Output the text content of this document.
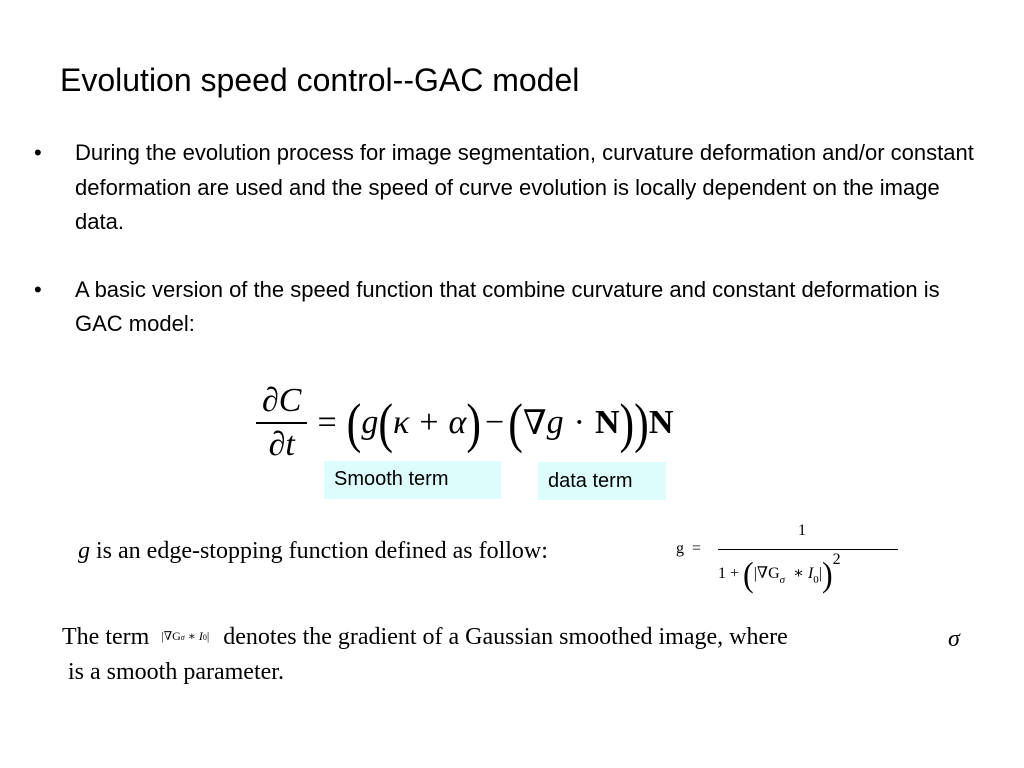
Evolution speed control--GAC model
• During the evolution process for image segmentation, curvature deformation and/or constant deformation are used and the speed of curve evolution is locally dependent on the image data.
• A basic version of the speed function that combine curvature and constant deformation is GAC model:
$\frac{\partial C}{\partial t}$ = ( g ( κ + α ) − ( ∇ g · N )) N
Smooth term	data term
g is an edge-stopping function defined as follow:	g  =
1
$1 + (|\nabla G_\sigma$  ∗ $I_0|)2$
The term |∇Gσ ∗ I0| denotes the gradient of a Gaussian smoothed image, where	σ
is a smooth parameter.
